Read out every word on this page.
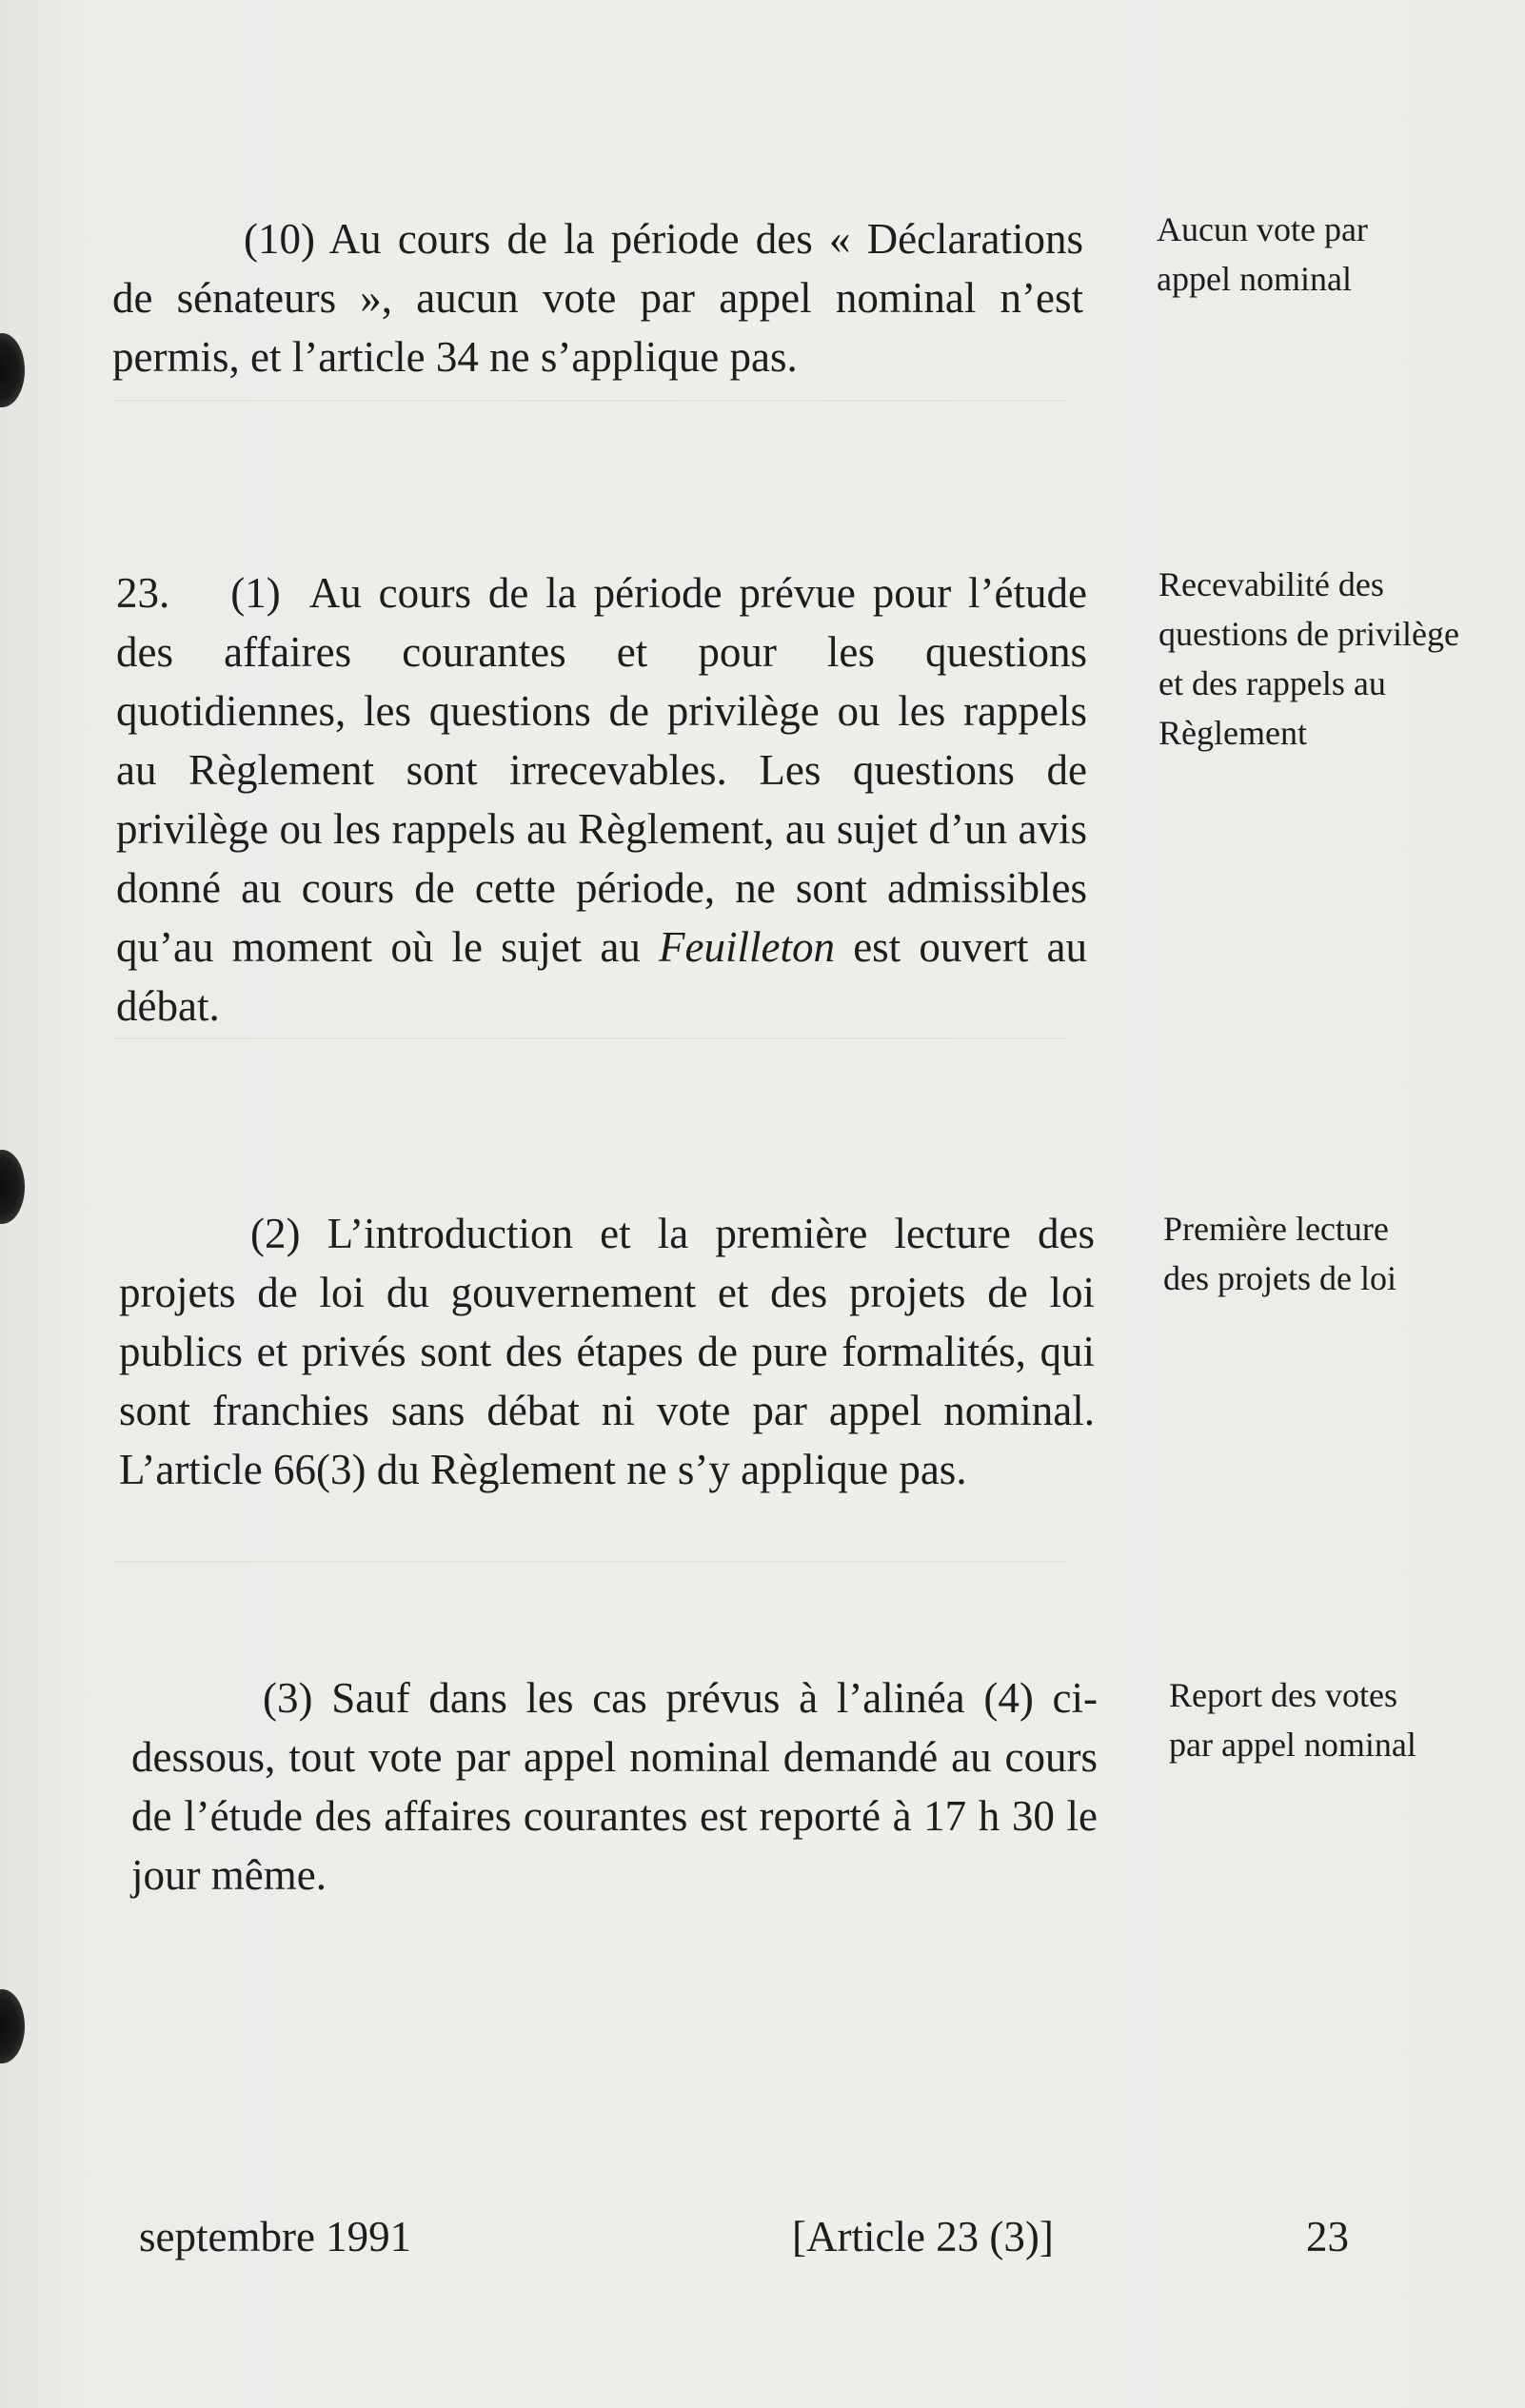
(10) Au cours de la période des « Déclarations de sénateurs », aucun vote par appel nominal n’est permis, et l’article 34 ne s’applique pas.

Aucun vote par appel nominal

23. (1) Au cours de la période prévue pour l’étude des affaires courantes et pour les questions quotidiennes, les questions de privilège ou les rappels au Règlement sont irrecevables. Les questions de privilège ou les rappels au Règlement, au sujet d’un avis donné au cours de cette période, ne sont admissibles qu’au moment où le sujet au Feuilleton est ouvert au débat.

Recevabilité des questions de privilège et des rappels au Règlement

(2) L’introduction et la première lecture des projets de loi du gouvernement et des projets de loi publics et privés sont des étapes de pure formalités, qui sont franchies sans débat ni vote par appel nominal. L’article 66(3) du Règlement ne s’y applique pas.

Première lecture des projets de loi

(3) Sauf dans les cas prévus à l’alinéa (4) ci-dessous, tout vote par appel nominal demandé au cours de l’étude des affaires courantes est reporté à 17 h 30 le jour même.

Report des votes par appel nominal
septembre 1991	[Article 23 (3)]	23
